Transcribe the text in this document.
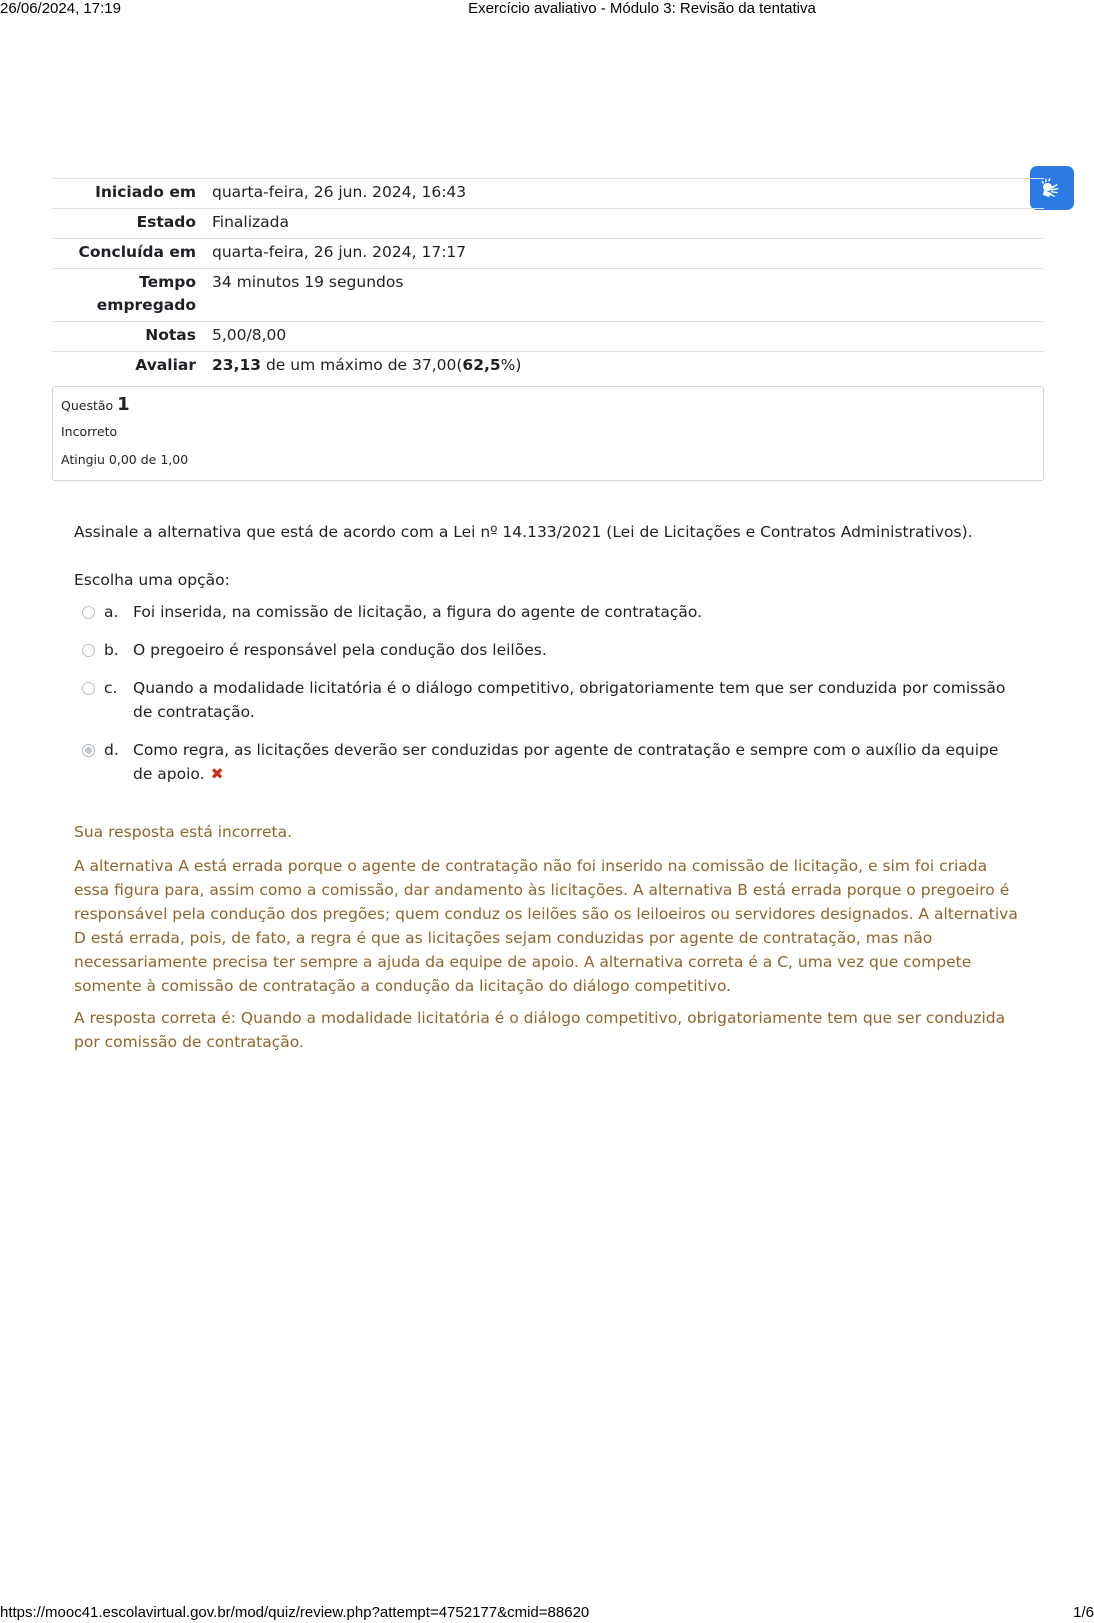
26/06/2024, 17:19	Exercício avaliativo - Módulo 3: Revisão da tentativa
Iniciado em	quarta-feira, 26 jun. 2024, 16:43
Estado	Finalizada
Concluída em	quarta-feira, 26 jun. 2024, 17:17
Tempo empregado	34 minutos 19 segundos
Notas	5,00/8,00
Avaliar	23,13 de um máximo de 37,00(62,5%)
Questão 1
Incorreto
Atingiu 0,00 de 1,00
Assinale a alternativa que está de acordo com a Lei nº 14.133/2021 (Lei de Licitações e Contratos Administrativos).
Escolha uma opção:
a. Foi inserida, na comissão de licitação, a figura do agente de contratação.
b. O pregoeiro é responsável pela condução dos leilões.
c.	Quando a modalidade licitatória é o diálogo competitivo, obrigatoriamente tem que ser conduzida por comissão de contratação.
d. Como regra, as licitações deverão ser conduzidas por agente de contratação e sempre com o auxílio da equipe de apoio. ✖

Sua resposta está incorreta.

A alternativa A está errada porque o agente de contratação não foi inserido na comissão de licitação, e sim foi criada essa figura para, assim como a comissão, dar andamento às licitações. A alternativa B está errada porque o pregoeiro é responsável pela condução dos pregões; quem conduz os leilões são os leiloeiros ou servidores designados. A alternativa D está errada, pois, de fato, a regra é que as licitações sejam conduzidas por agente de contratação, mas não necessariamente precisa ter sempre a ajuda da equipe de apoio. A alternativa correta é a C, uma vez que compete somente à comissão de contratação a condução da licitação do diálogo competitivo.

A resposta correta é: Quando a modalidade licitatória é o diálogo competitivo, obrigatoriamente tem que ser conduzida por comissão de contratação.

https://mooc41.escolavirtual.gov.br/mod/quiz/review.php?attempt=4752177&cmid=88620	1/6
